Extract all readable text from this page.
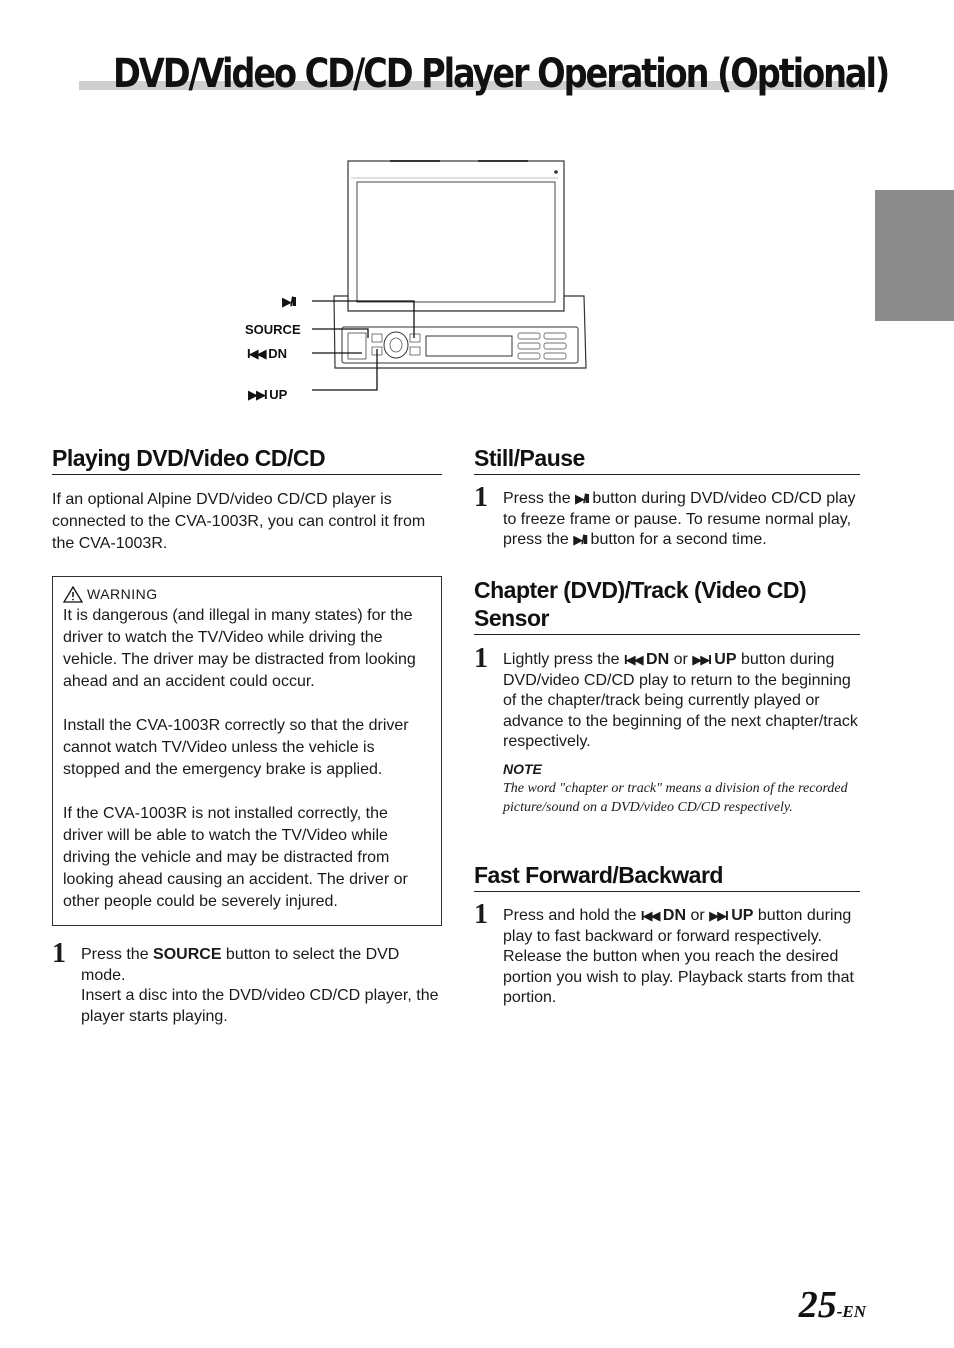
DVD/Video CD/CD Player Operation (Optional)
▶/II
SOURCE
I◀◀ DN
▶▶I UP
Playing DVD/Video CD/CD

If an optional Alpine DVD/video CD/CD player is connected to the CVA-1003R, you can control it from the CVA-1003R.

WARNING

It is dangerous (and illegal in many states) for the driver to watch the TV/Video while driving the vehicle. The driver may be distracted from looking ahead and an accident could occur.

Install the CVA-1003R correctly so that the driver cannot watch TV/Video unless the vehicle is stopped and the emergency brake is applied.

If the CVA-1003R is not installed correctly, the driver will be able to watch the TV/Video while driving the vehicle and may be distracted from looking ahead causing an accident. The driver or other people could be severely injured.

1 Press the SOURCE button to select the DVD mode.
Insert a disc into the DVD/video CD/CD player, the player starts playing.
Still/Pause
1 Press the ▶/II button during DVD/video CD/CD play to freeze frame or pause. To resume normal play, press the ▶/II button for a second time.
Chapter (DVD)/Track (Video CD) Sensor
1 Lightly press the I◀◀ DN or ▶▶I UP button during DVD/video CD/CD play to return to the beginning of the chapter/track being currently played or advance to the beginning of the next chapter/track respectively.
NOTE
The word "chapter or track" means a division of the recorded picture/sound on a DVD/video CD/CD respectively.
Fast Forward/Backward
1 Press and hold the I◀◀ DN or ▶▶I UP button during play to fast backward or forward respectively. Release the button when you reach the desired portion you wish to play. Playback starts from that portion.
25-EN
